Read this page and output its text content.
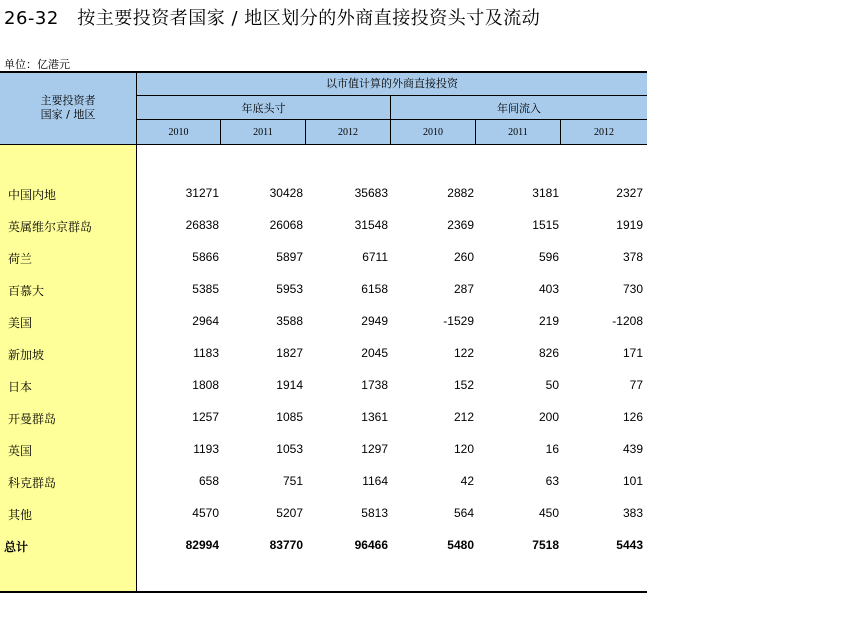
26-32　按主要投资者国家 / 地区划分的外商直接投资头寸及流动
单位：亿港元
主要投资者
国家 / 地区
以市值计算的外商直接投资
年底头寸	年间流入
2010	2011	2012	2010	2011	2012
中国内地	31271	30428	35683	2882	3181	2327
英属维尔京群岛	26838	26068	31548	2369	1515	1919
荷兰	5866	5897	6711	260	596	378
百慕大	5385	5953	6158	287	403	730
美国	2964	3588	2949	-1529	219	-1208
新加坡	1183	1827	2045	122	826	171
日本	1808	1914	1738	152	50	77
开曼群岛	1257	1085	1361	212	200	126
英国	1193	1053	1297	120	16	439
科克群岛	658	751	1164	42	63	101
其他	4570	5207	5813	564	450	383
总计	82994	83770	96466	5480	7518	5443
